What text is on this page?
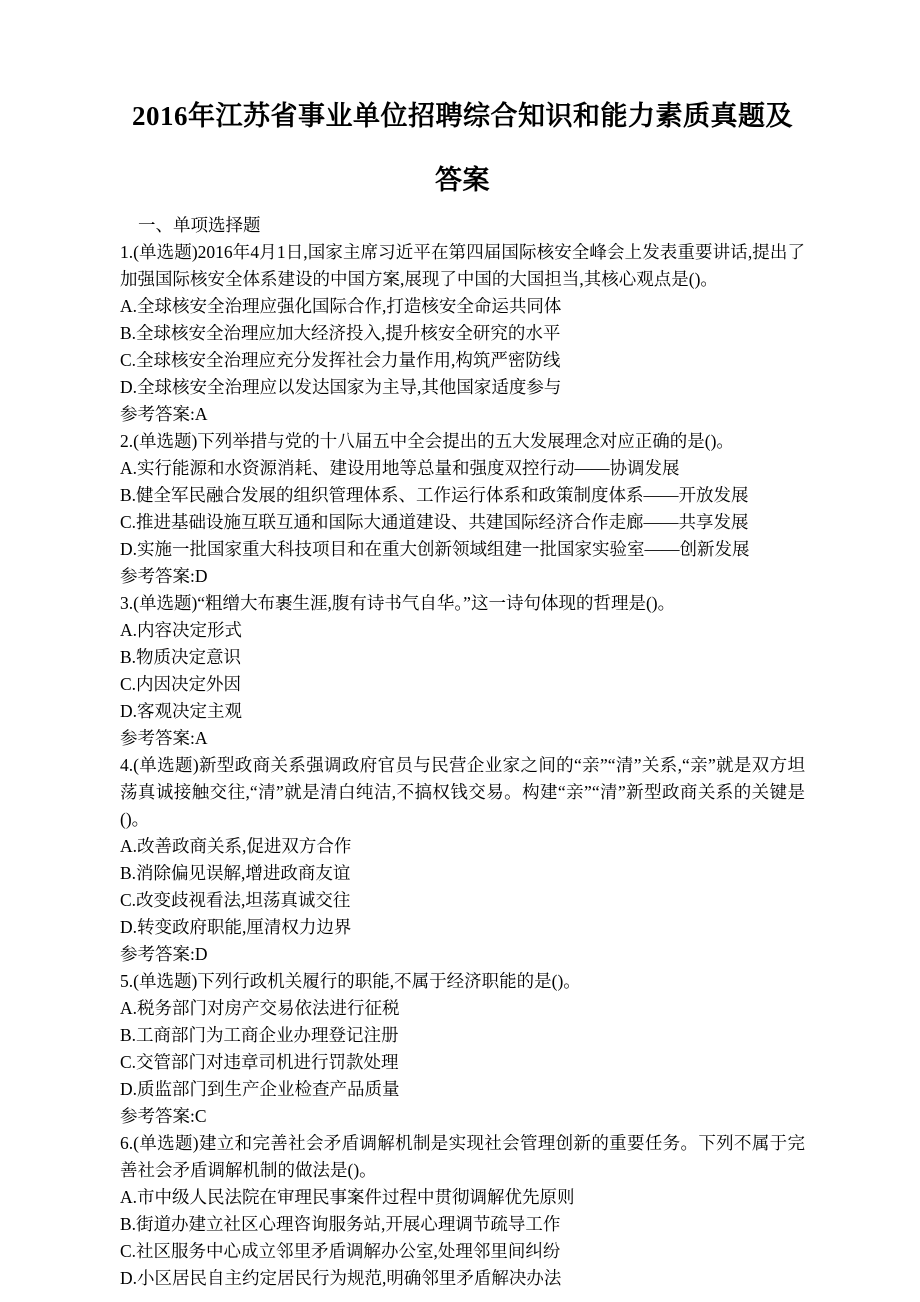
2016年江苏省事业单位招聘综合知识和能力素质真题及答案

一、单项选择题

1.(单选题)2016年4月1日,国家主席习近平在第四届国际核安全峰会上发表重要讲话,提出了加强国际核安全体系建设的中国方案,展现了中国的大国担当,其核心观点是()。

A.全球核安全治理应强化国际合作,打造核安全命运共同体

B.全球核安全治理应加大经济投入,提升核安全研究的水平

C.全球核安全治理应充分发挥社会力量作用,构筑严密防线

D.全球核安全治理应以发达国家为主导,其他国家适度参与

参考答案:A

2.(单选题)下列举措与党的十八届五中全会提出的五大发展理念对应正确的是()。

A.实行能源和水资源消耗、建设用地等总量和强度双控行动——协调发展

B.健全军民融合发展的组织管理体系、工作运行体系和政策制度体系——开放发展

C.推进基础设施互联互通和国际大通道建设、共建国际经济合作走廊——共享发展

D.实施一批国家重大科技项目和在重大创新领域组建一批国家实验室——创新发展

参考答案:D

3.(单选题)“粗缯大布裹生涯,腹有诗书气自华。”这一诗句体现的哲理是()。

A.内容决定形式

B.物质决定意识

C.内因决定外因

D.客观决定主观

参考答案:A

4.(单选题)新型政商关系强调政府官员与民营企业家之间的“亲”“清”关系,“亲”就是双方坦荡真诚接触交往,“清”就是清白纯洁,不搞权钱交易。构建“亲”“清”新型政商关系的关键是()。

A.改善政商关系,促进双方合作

B.消除偏见误解,增进政商友谊

C.改变歧视看法,坦荡真诚交往

D.转变政府职能,厘清权力边界

参考答案:D

5.(单选题)下列行政机关履行的职能,不属于经济职能的是()。

A.税务部门对房产交易依法进行征税

B.工商部门为工商企业办理登记注册

C.交管部门对违章司机进行罚款处理

D.质监部门到生产企业检查产品质量

参考答案:C

6.(单选题)建立和完善社会矛盾调解机制是实现社会管理创新的重要任务。下列不属于完善社会矛盾调解机制的做法是()。

A.市中级人民法院在审理民事案件过程中贯彻调解优先原则

B.街道办建立社区心理咨询服务站,开展心理调节疏导工作

C.社区服务中心成立邻里矛盾调解办公室,处理邻里间纠纷

D.小区居民自主约定居民行为规范,明确邻里矛盾解决办法
